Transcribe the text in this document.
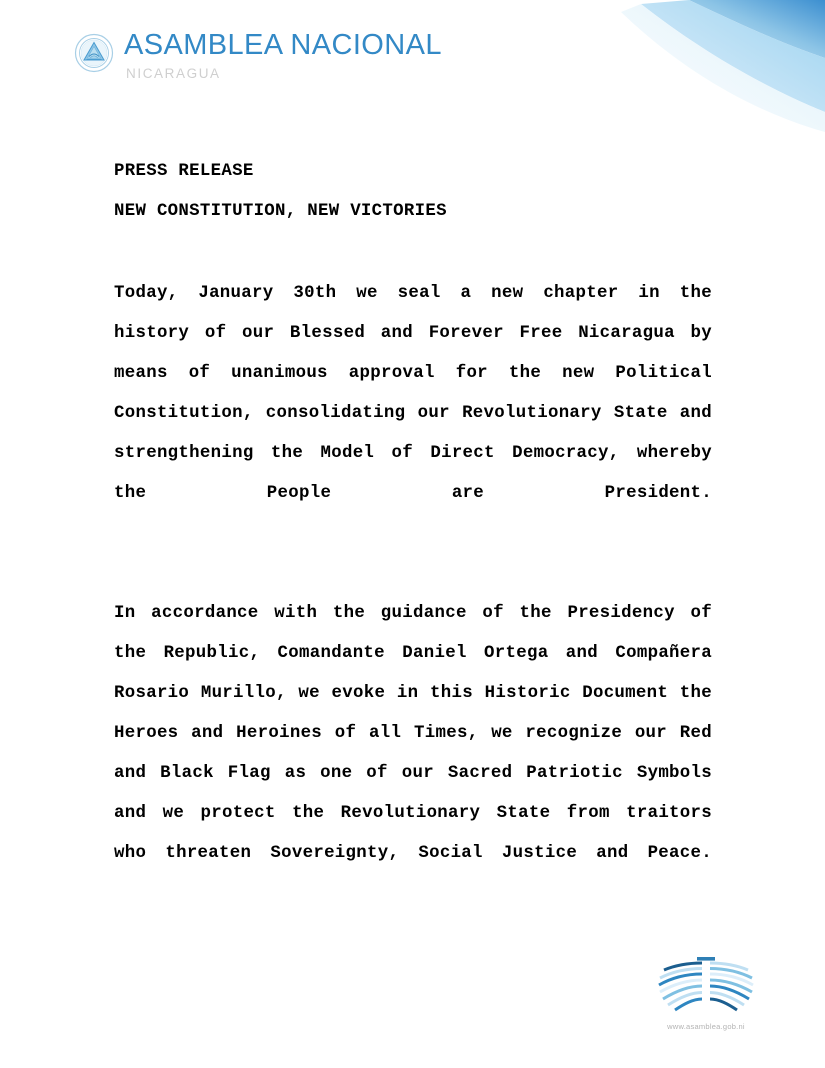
ASAMBLEA NACIONAL
NICARAGUA

PRESS RELEASE

NEW CONSTITUTION, NEW VICTORIES

Today, January 30th we seal a new chapter in the history of our Blessed and Forever Free Nicaragua by means of unanimous approval for the new Political Constitution, consolidating our Revolutionary State and strengthening the Model of Direct Democracy, whereby the People are President.

In accordance with the guidance of the Presidency of the Republic, Comandante Daniel Ortega and Compañera Rosario Murillo, we evoke in this Historic Document the Heroes and Heroines of all Times, we recognize our Red and Black Flag as one of our Sacred Patriotic Symbols and we protect the Revolutionary State from traitors who threaten Sovereignty, Social Justice and Peace.

www.asamblea.gob.ni
